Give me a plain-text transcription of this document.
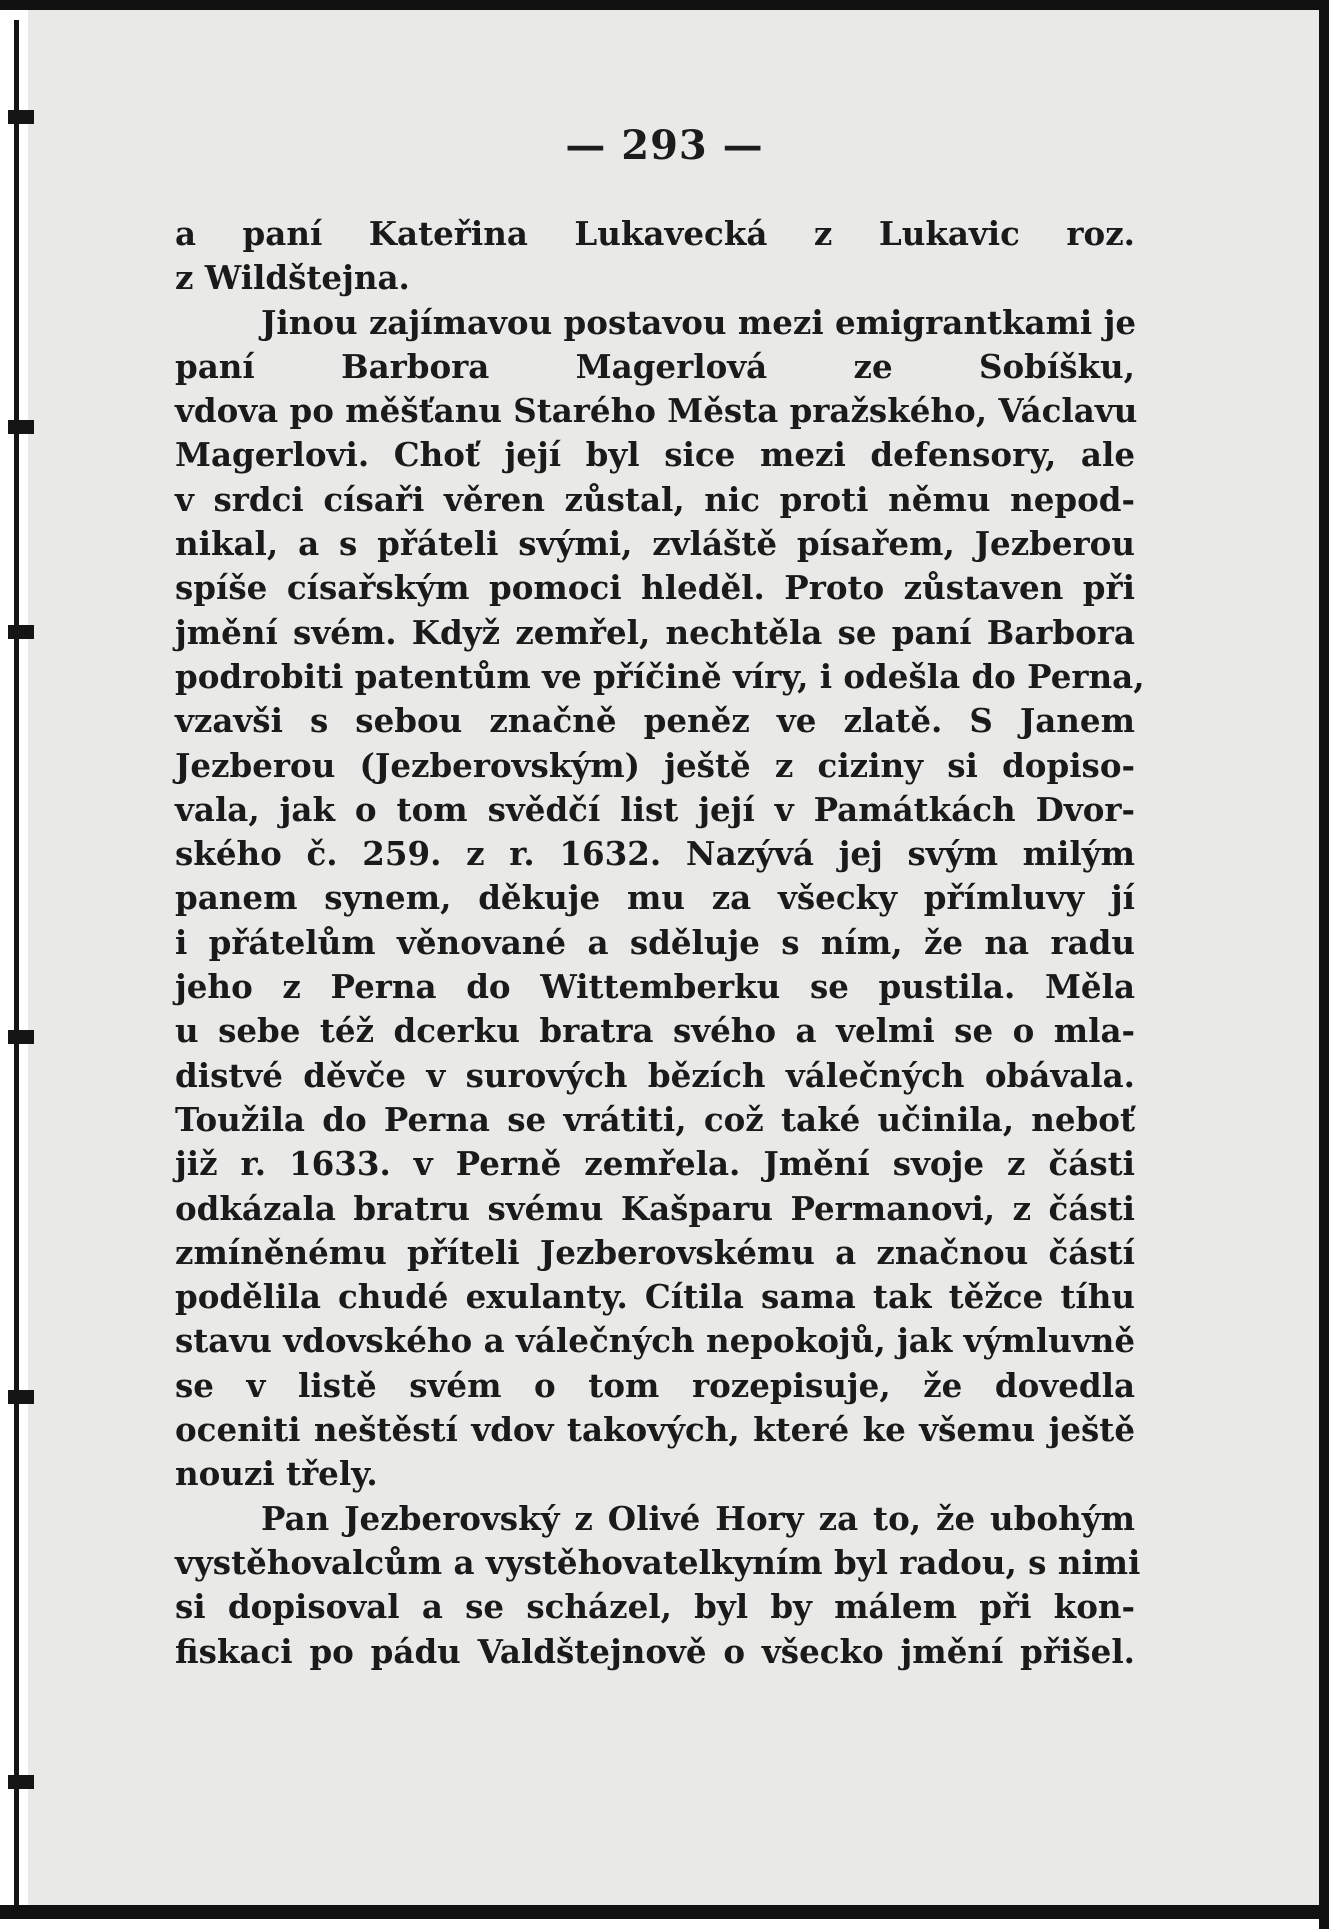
— 293 —
a paní Kateřina Lukavecká z Lukavic roz.
z Wildštejna.
Jinou zajímavou postavou mezi emigrantkami je
paní Barbora Magerlová ze Sobíšku,
vdova po měšťanu Starého Města pražského, Václavu
Magerlovi. Choť její byl sice mezi defensory, ale
v srdci císaři věren zůstal, nic proti němu nepod-
nikal, a s přáteli svými, zvláště písařem, Jezberou
spíše císařským pomoci hleděl. Proto zůstaven při
jmění svém. Když zemřel, nechtěla se paní Barbora
podrobiti patentům ve příčině víry, i odešla do Perna,
vzavši s sebou značně peněz ve zlatě. S Janem
Jezberou (Jezberovským) ještě z ciziny si dopiso-
vala, jak o tom svědčí list její v Památkách Dvor-
ského č. 259. z r. 1632. Nazývá jej svým milým
panem synem, děkuje mu za všecky přímluvy jí
i přátelům věnované a sděluje s ním, že na radu
jeho z Perna do Wittemberku se pustila. Měla
u sebe též dcerku bratra svého a velmi se o mla-
distvé děvče v surových bězích válečných obávala.
Toužila do Perna se vrátiti, což také učinila, neboť
již r. 1633. v Perně zemřela. Jmění svoje z části
odkázala bratru svému Kašparu Permanovi, z části
zmíněnému příteli Jezberovskému a značnou částí
podělila chudé exulanty. Cítila sama tak těžce tíhu
stavu vdovského a válečných nepokojů, jak výmluvně
se v listě svém o tom rozepisuje, že dovedla
oceniti neštěstí vdov takových, které ke všemu ještě
nouzi třely.
Pan Jezberovský z Olivé Hory za to, že ubohým
vystěhovalcům a vystěhovatelkyním byl radou, s nimi
si dopisoval a se scházel, byl by málem při kon-
fiskaci po pádu Valdštejnově o všecko jmění přišel.
